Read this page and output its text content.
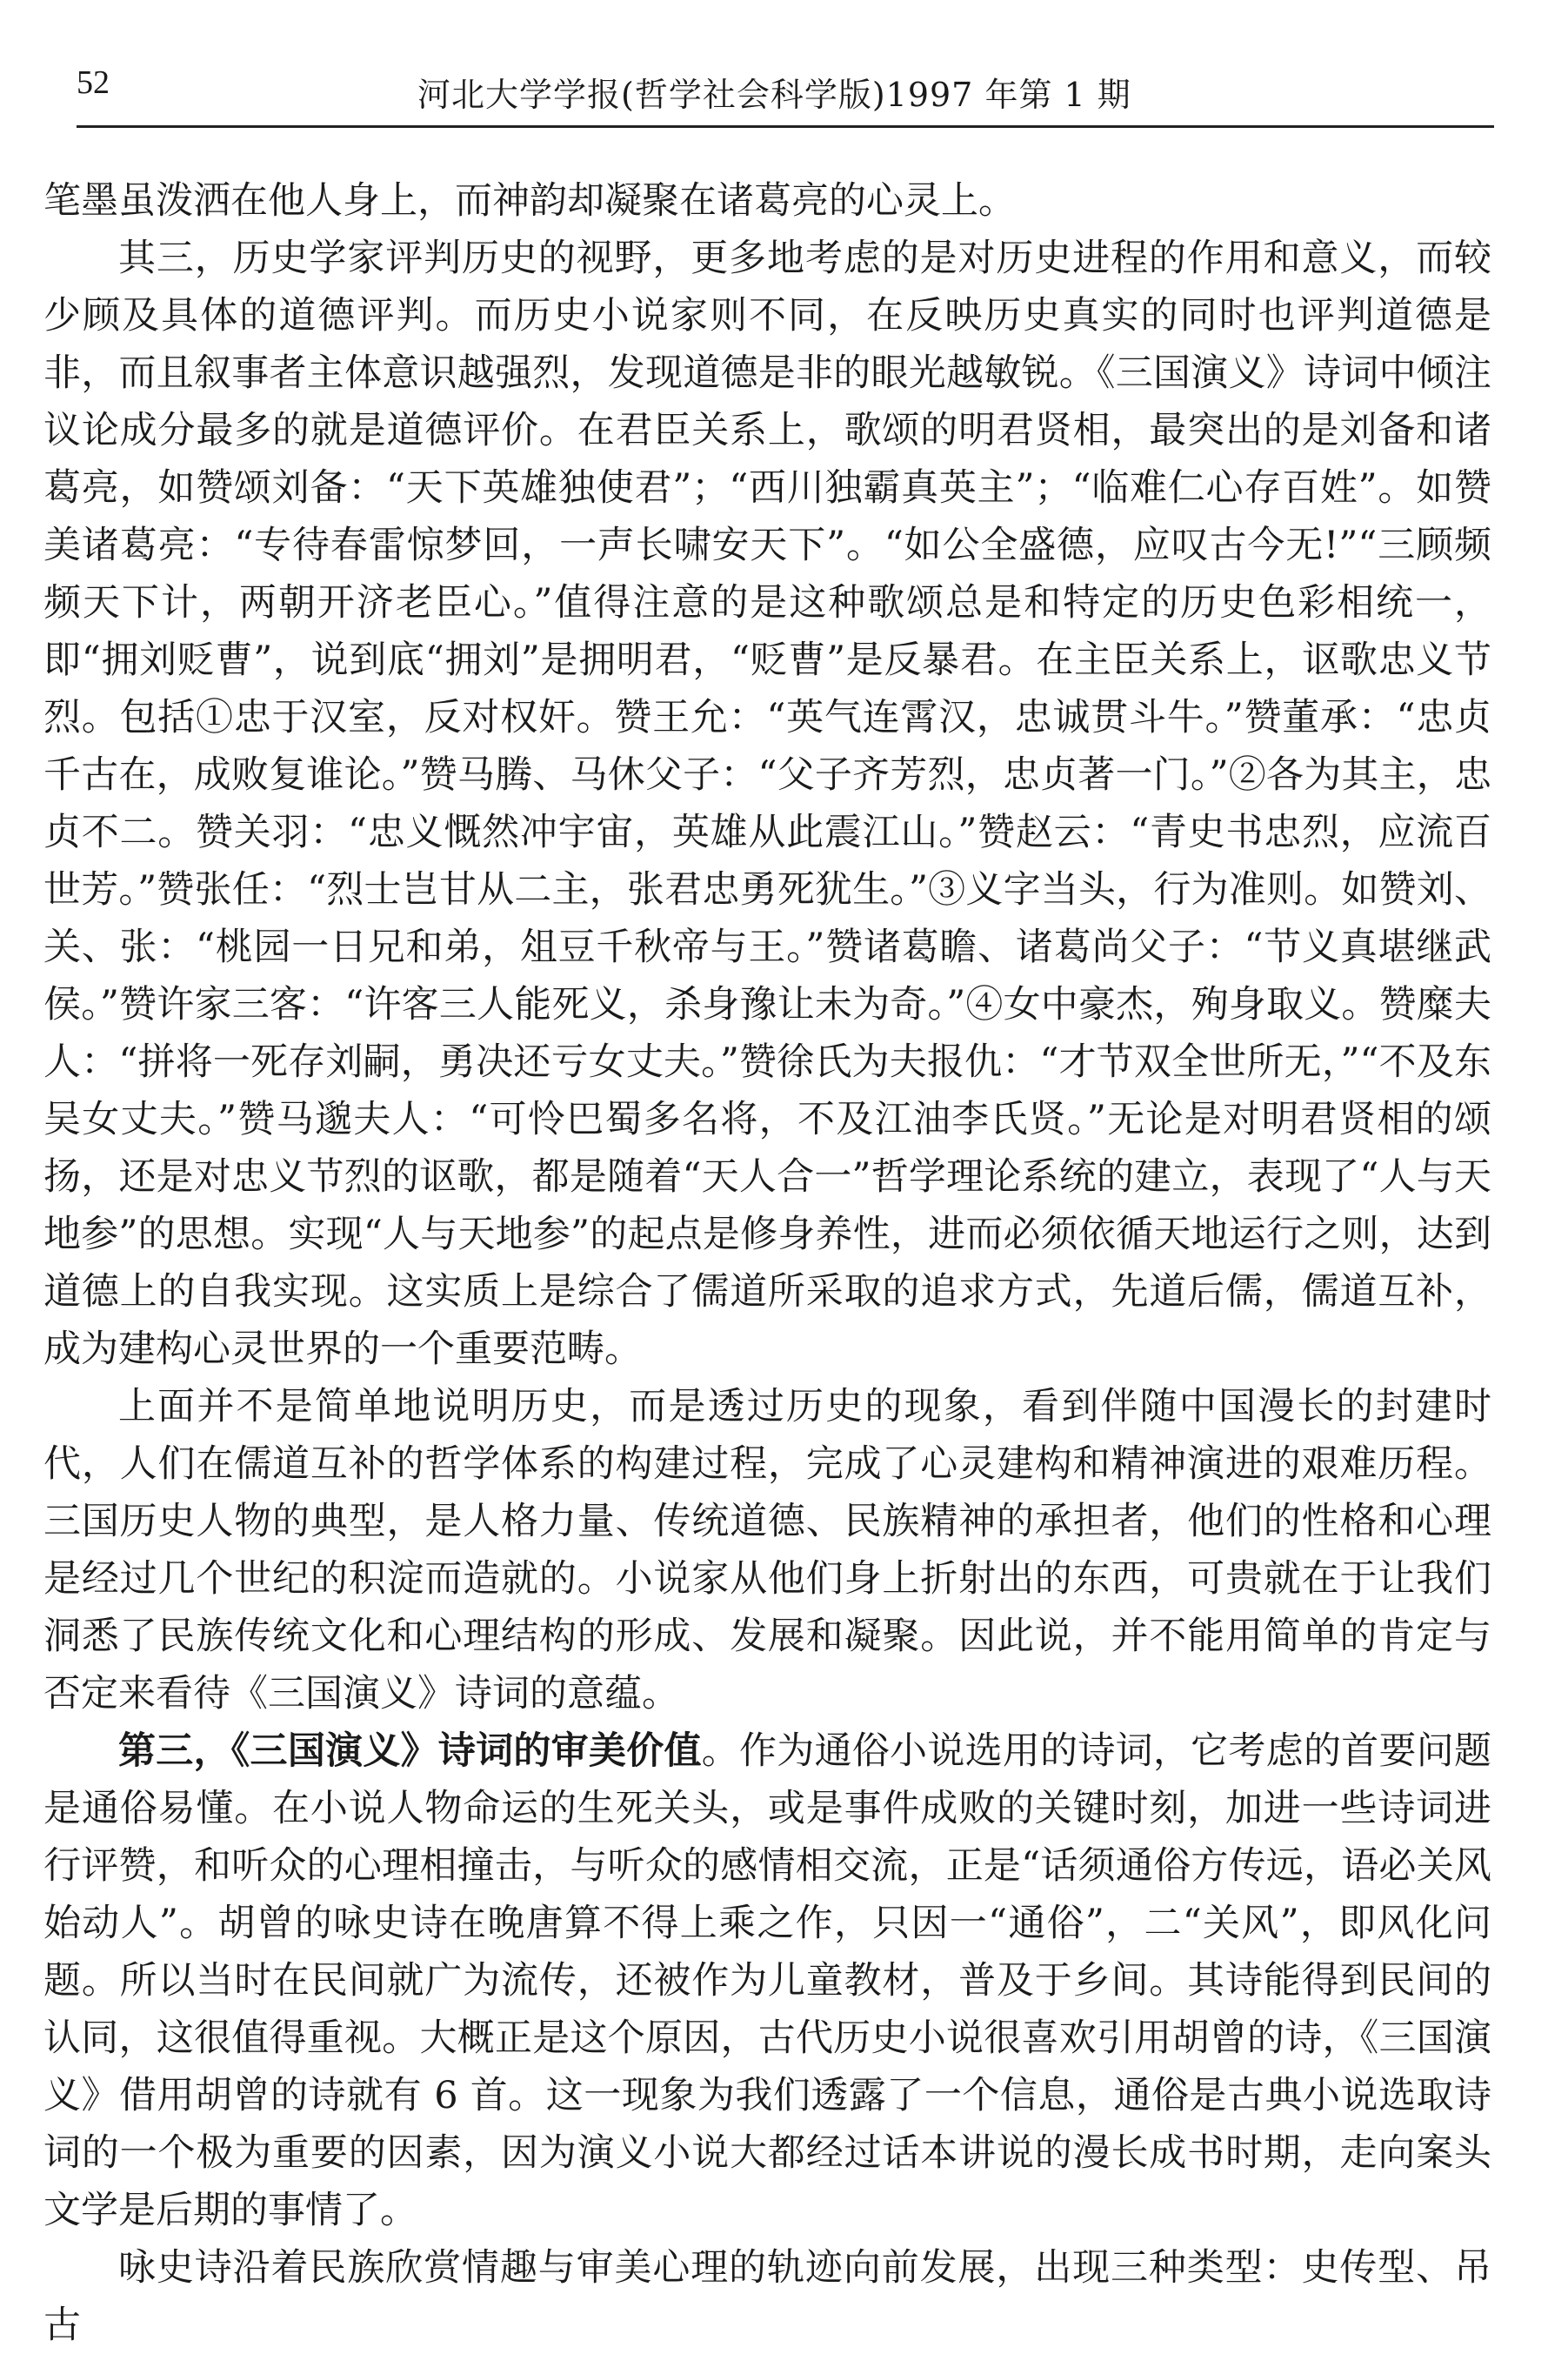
52	河北大学学报(哲学社会科学版)1997 年第 1 期

笔墨虽泼洒在他人身上，而神韵却凝聚在诸葛亮的心灵上。

其三，历史学家评判历史的视野，更多地考虑的是对历史进程的作用和意义，而较少顾及具体的道德评判。而历史小说家则不同，在反映历史真实的同时也评判道德是非，而且叙事者主体意识越强烈，发现道德是非的眼光越敏锐。《三国演义》诗词中倾注议论成分最多的就是道德评价。在君臣关系上，歌颂的明君贤相，最突出的是刘备和诸葛亮，如赞颂刘备：“天下英雄独使君”；“西川独霸真英主”；“临难仁心存百姓”。如赞美诸葛亮：“专待春雷惊梦回，一声长啸安天下”。“如公全盛德，应叹古今无!”“三顾频频天下计，两朝开济老臣心。”值得注意的是这种歌颂总是和特定的历史色彩相统一，即“拥刘贬曹”，说到底“拥刘”是拥明君，“贬曹”是反暴君。在主臣关系上，讴歌忠义节烈。包括①忠于汉室，反对权奸。赞王允：“英气连霄汉，忠诚贯斗牛。”赞董承：“忠贞千古在，成败复谁论。”赞马腾、马休父子：“父子齐芳烈，忠贞著一门。”②各为其主，忠贞不二。赞关羽：“忠义慨然冲宇宙，英雄从此震江山。”赞赵云：“青史书忠烈，应流百世芳。”赞张任：“烈士岂甘从二主，张君忠勇死犹生。”③义字当头，行为准则。如赞刘、关、张：“桃园一日兄和弟，俎豆千秋帝与王。”赞诸葛瞻、诸葛尚父子：“节义真堪继武侯。”赞许家三客：“许客三人能死义，杀身豫让未为奇。”④女中豪杰，殉身取义。赞糜夫人：“拼将一死存刘嗣，勇决还亏女丈夫。”赞徐氏为夫报仇：“才节双全世所无，”“不及东吴女丈夫。”赞马邈夫人：“可怜巴蜀多名将，不及江油李氏贤。”无论是对明君贤相的颂扬，还是对忠义节烈的讴歌，都是随着“天人合一”哲学理论系统的建立，表现了“人与天地参”的思想。实现“人与天地参”的起点是修身养性，进而必须依循天地运行之则，达到道德上的自我实现。这实质上是综合了儒道所采取的追求方式，先道后儒，儒道互补，成为建构心灵世界的一个重要范畴。

上面并不是简单地说明历史，而是透过历史的现象，看到伴随中国漫长的封建时代，人们在儒道互补的哲学体系的构建过程，完成了心灵建构和精神演进的艰难历程。三国历史人物的典型，是人格力量、传统道德、民族精神的承担者，他们的性格和心理是经过几个世纪的积淀而造就的。小说家从他们身上折射出的东西，可贵就在于让我们洞悉了民族传统文化和心理结构的形成、发展和凝聚。因此说，并不能用简单的肯定与否定来看待《三国演义》诗词的意蕴。

第三，《三国演义》诗词的审美价值。作为通俗小说选用的诗词，它考虑的首要问题是通俗易懂。在小说人物命运的生死关头，或是事件成败的关键时刻，加进一些诗词进行评赞，和听众的心理相撞击，与听众的感情相交流，正是“话须通俗方传远，语必关风始动人”。胡曾的咏史诗在晚唐算不得上乘之作，只因一“通俗”，二“关风”，即风化问题。所以当时在民间就广为流传，还被作为儿童教材，普及于乡间。其诗能得到民间的认同，这很值得重视。大概正是这个原因，古代历史小说很喜欢引用胡曾的诗，《三国演义》借用胡曾的诗就有 6 首。这一现象为我们透露了一个信息，通俗是古典小说选取诗词的一个极为重要的因素，因为演义小说大都经过话本讲说的漫长成书时期，走向案头文学是后期的事情了。

咏史诗沿着民族欣赏情趣与审美心理的轨迹向前发展，出现三种类型：史传型、吊古
